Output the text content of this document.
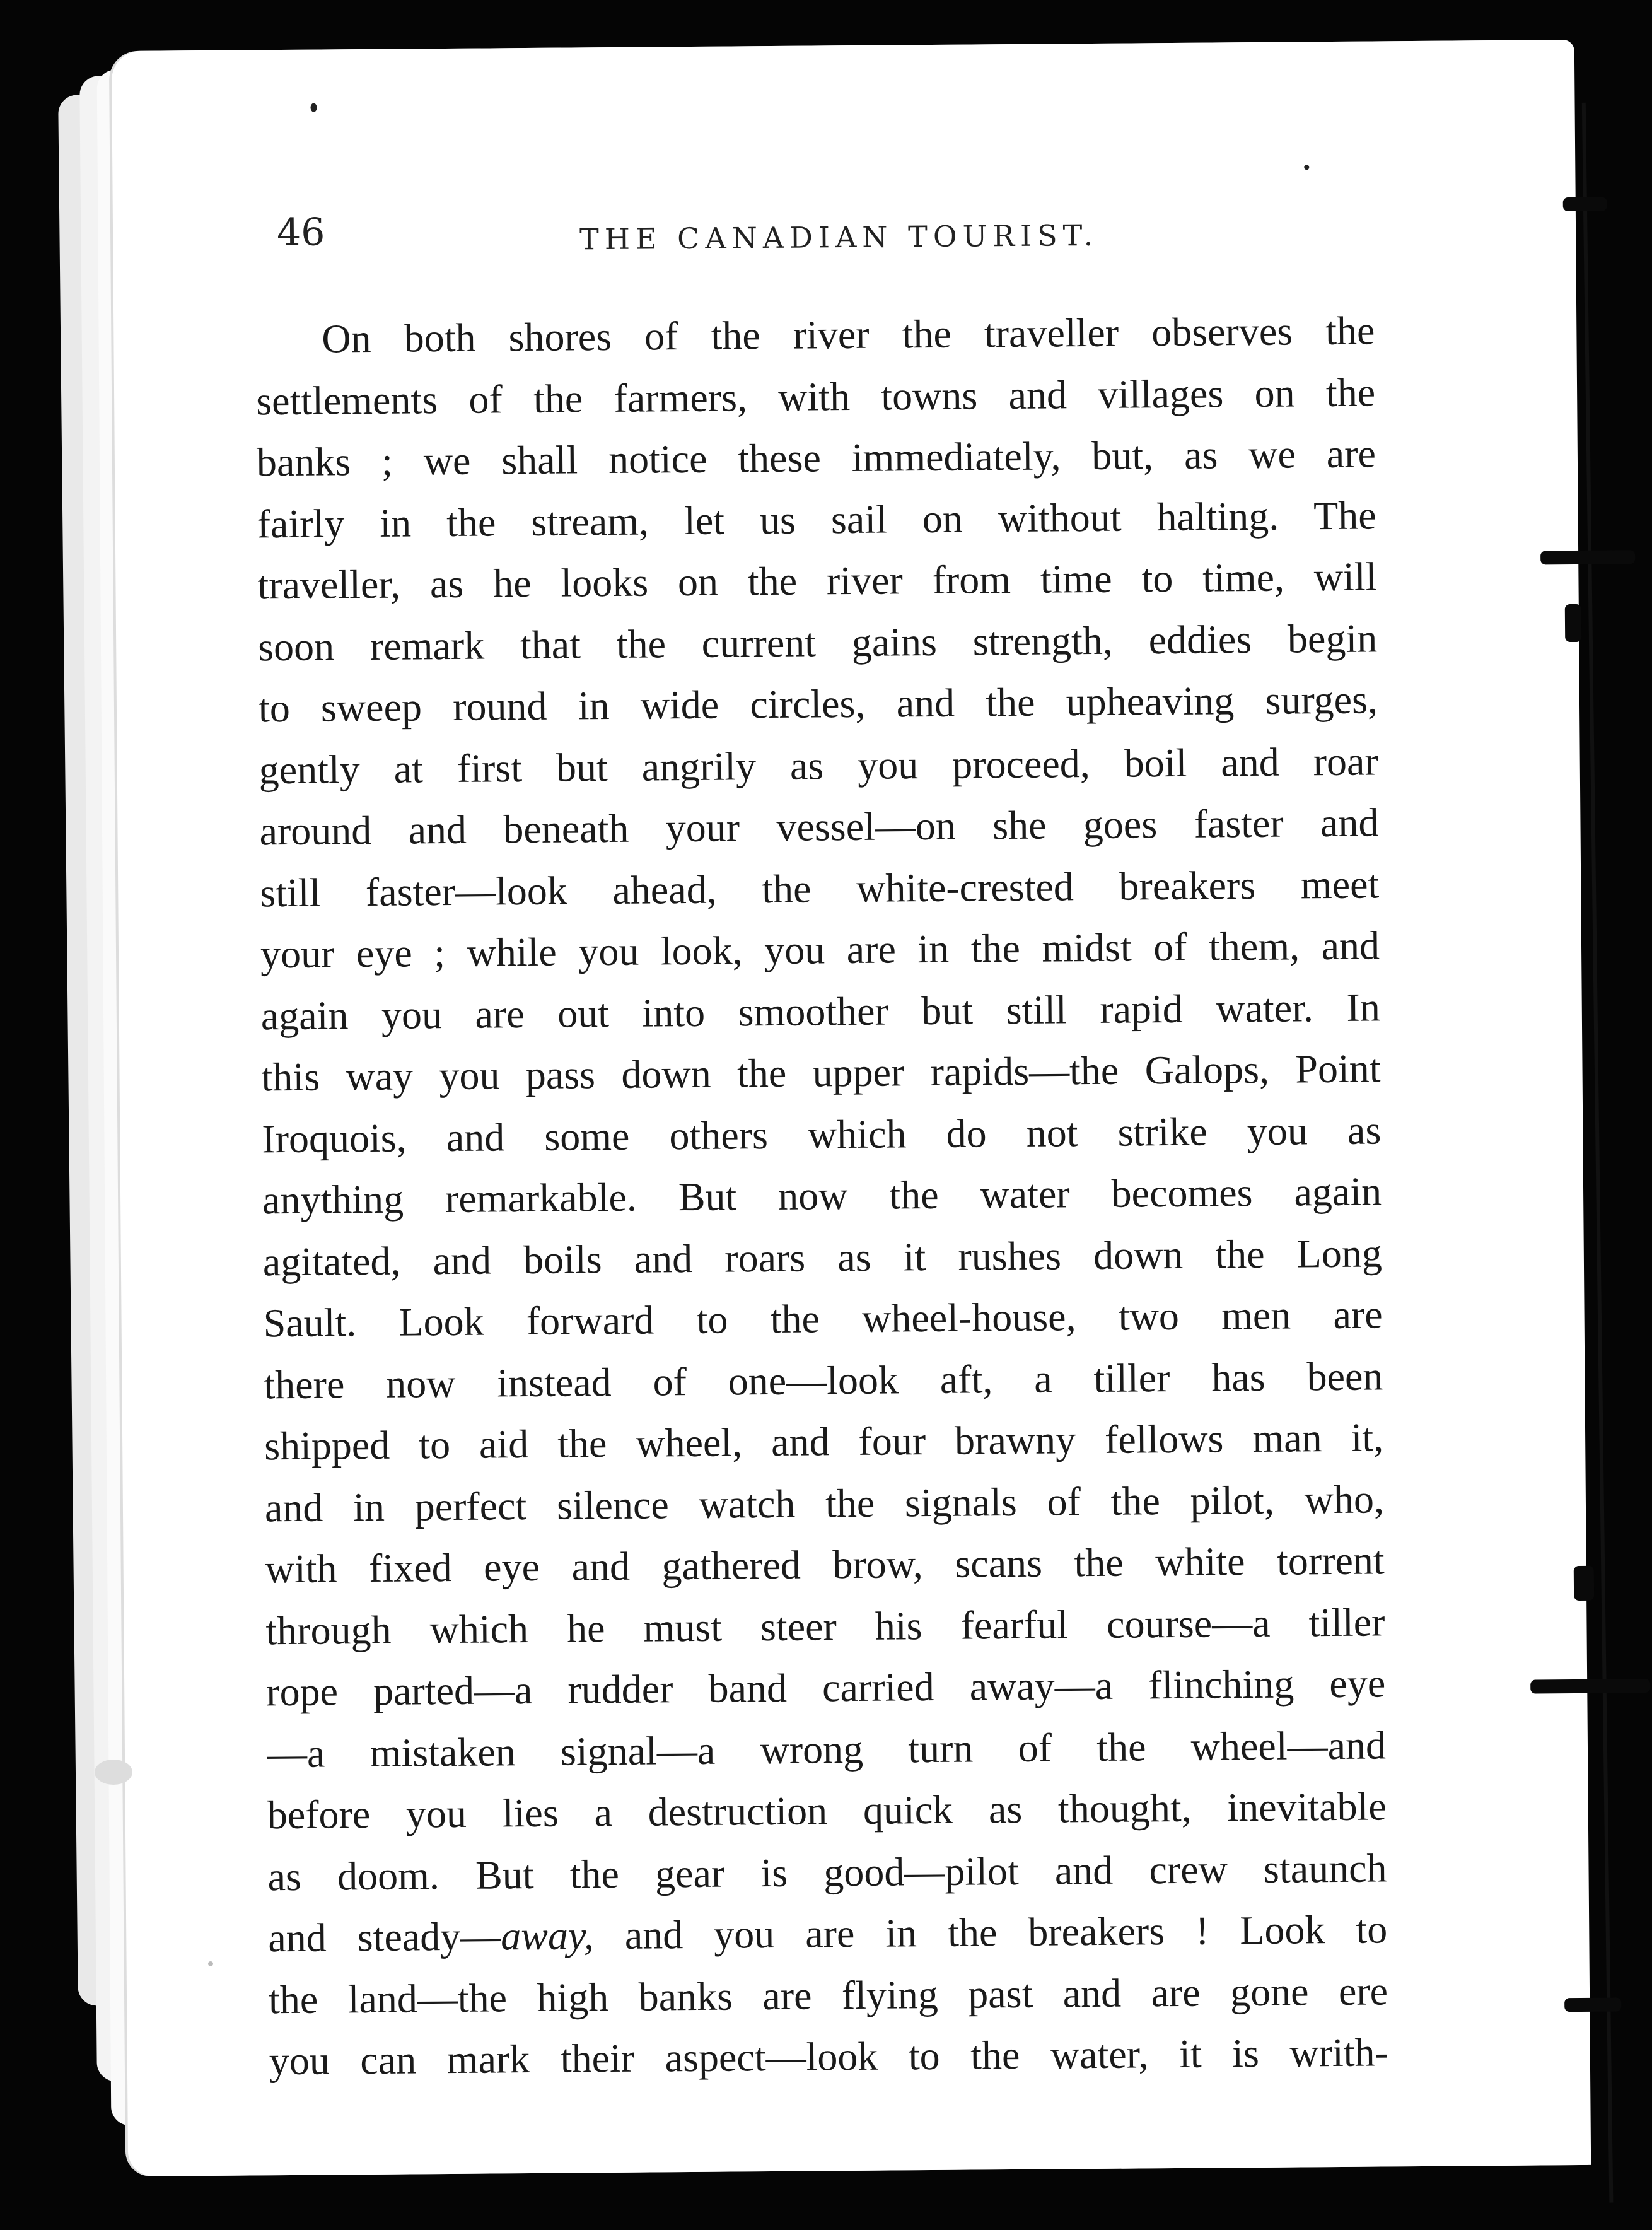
46	THE CANADIAN TOURIST.
On both shores of the river the traveller observes the
settlements of the farmers, with towns and villages on the
banks ; we shall notice these immediately, but, as we are
fairly in the stream, let us sail on without halting. The
traveller, as he looks on the river from time to time, will
soon remark that the current gains strength, eddies begin
to sweep round in wide circles, and the upheaving surges,
gently at first but angrily as you proceed, boil and roar
around and beneath your vessel—on she goes faster and
still faster—look ahead, the white-crested breakers meet
your eye ; while you look, you are in the midst of them, and
again you are out into smoother but still rapid water. In
this way you pass down the upper rapids—the Galops, Point
Iroquois, and some others which do not strike you as
anything remarkable. But now the water becomes again
agitated, and boils and roars as it rushes down the Long
Sault. Look forward to the wheel-house, two men are
there now instead of one—look aft, a tiller has been
shipped to aid the wheel, and four brawny fellows man it,
and in perfect silence watch the signals of the pilot, who,
with fixed eye and gathered brow, scans the white torrent
through which he must steer his fearful course—a tiller
rope parted—a rudder band carried away—a flinching eye
—a mistaken signal—a wrong turn of the wheel—and
before you lies a destruction quick as thought, inevitable
as doom. But the gear is good—pilot and crew staunch
and steady—away, and you are in the breakers ! Look to
the land—the high banks are flying past and are gone ere
you can mark their aspect—look to the water, it is writh-
